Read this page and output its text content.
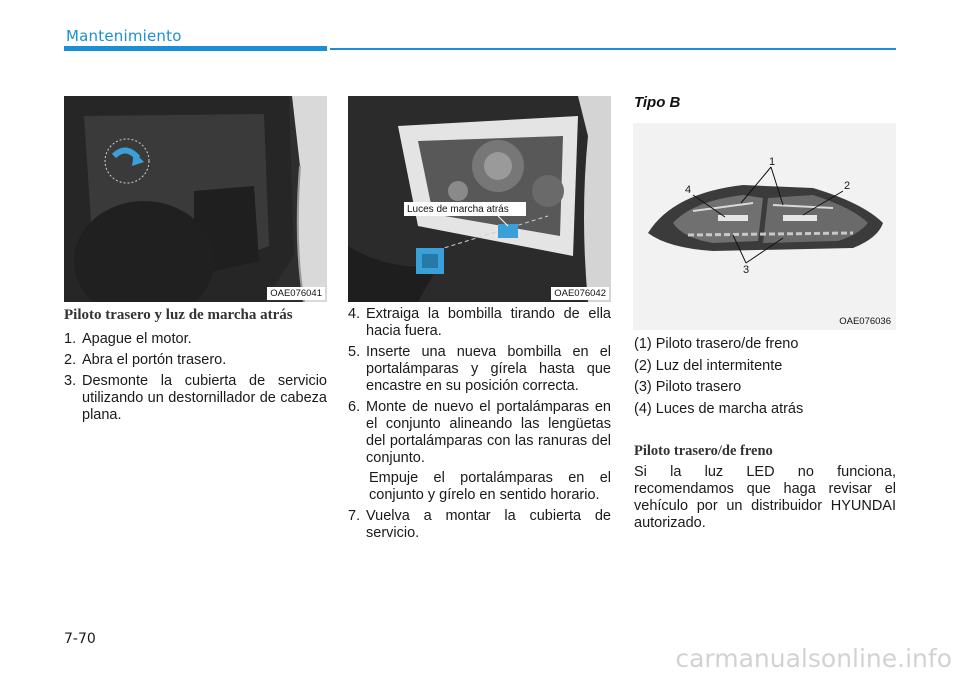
Mantenimiento
OAE076041
Luces de marcha atrás
OAE076042
Tipo B
1
2
3
4
OAE076036
Piloto trasero y luz de marcha atrás
1. Apague el motor.
2. Abra el portón trasero.
3. Desmonte la cubierta de servicio utilizando un destornillador de cabeza plana.
4. Extraiga la bombilla tirando de ella hacia fuera.
5. Inserte una nueva bombilla en el portalámparas y gírela hasta que encastre en su posición correcta.
6. Monte de nuevo el portalámparas en el conjunto alineando las lengüetas del portalámparas con las ranuras del conjunto.
Empuje el portalámparas en el conjunto y gírelo en sentido horario.
7. Vuelva a montar la cubierta de servicio.
(1) Piloto trasero/de freno
(2) Luz del intermitente
(3) Piloto trasero
(4) Luces de marcha atrás
Piloto trasero/de freno

Si la luz LED no funciona, recomendamos que haga revisar el vehículo por un distribuidor HYUNDAI autorizado.

7-70
carmanualsonline.info
